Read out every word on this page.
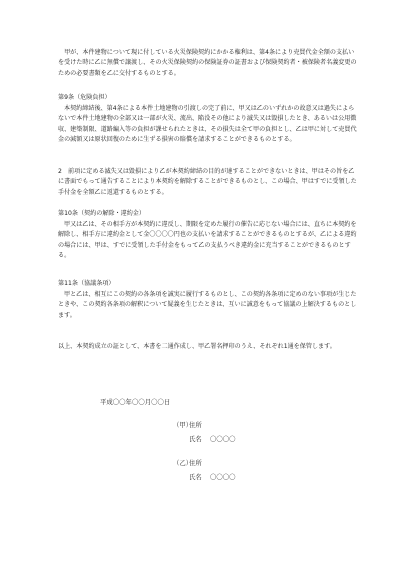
　甲が、本件建物について現に付している火災保険契約にかかる権利は、第4条により売買代金全額の支払いを受けた時に乙に無償で譲渡し、その火災保険契約の保険証券の証書および保険契約者・被保険者名義変更のための必要書類を乙に交付するものとする。
第9条（危険負担）
本契約締結後、第4条による本件土地建物の引渡しの完了前に、甲又は乙のいずれかの故意又は過失によらないで本件土地建物の全部又は一部が火災、流出、陥没その他により滅失又は毀損したとき、あるいは公用徴収、建築制限、道路編入等の負担が課せられたときは、その損失は全て甲の負担とし、乙は甲に対して売買代金の減額又は原状回復のために生ずる損害の賠償を請求することができるものとする。
2　前項に定める滅失又は毀損により乙が本契約締結の目的が達することができないときは、甲はその旨を乙に書面でもって通告することにより本契約を解除することができるものとし、この場合、甲はすでに受領した手付金を全額乙に返還するものとする。
第10条（契約の解除・違約金）
甲又は乙は、その相手方が本契約に違反し、期限を定めた履行の催告に応じない場合には、直ちに本契約を解除し、相手方に違約金として金〇〇〇〇円也の支払いを請求することができるものとするが、乙による違約の場合には、甲は、すでに受領した手付金をもって乙の支払うべき違約金に充当することができるものとする。
第11条（協議条項）
甲と乙は、相互にこの契約の各条項を誠実に履行するものとし、この契約各条項に定めのない事項が生じたときや、この契約各条項の解釈について疑義を生じたときは、互いに誠意をもって協議の上解決するものとします。
以上、本契約成立の証として、本書を二通作成し、甲乙署名押印のうえ、それぞれ1通を保管します。
平成〇〇年〇〇月〇〇日
（甲）
住所
氏名 〇〇〇〇
（乙）
住所
氏名 〇〇〇〇
